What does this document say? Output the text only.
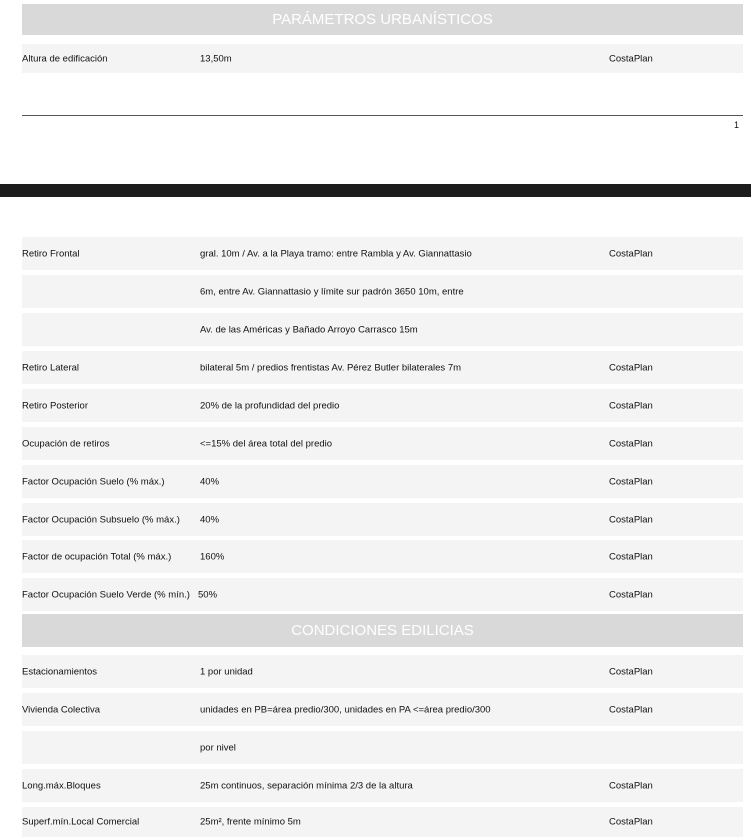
PARÁMETROS URBANÍSTICOS
Altura de edificación	13,50m	CostaPlan
1
Retiro Frontal	gral. 10m / Av. a la Playa tramo: entre Rambla y Av. Giannattasio	CostaPlan
6m, entre Av. Giannattasio y límite sur padrón 3650 10m, entre
Av. de las Américas y Bañado Arroyo Carrasco 15m
Retiro Lateral	bilateral 5m / predios frentistas Av. Pérez Butler bilaterales 7m	CostaPlan
Retiro Posterior	20% de la profundidad del predio	CostaPlan
Ocupación de retiros	<=15% del área total del predio	CostaPlan
Factor Ocupación Suelo (% máx.)	40%	CostaPlan
Factor Ocupación Subsuelo (% máx.) 40%	CostaPlan
Factor de ocupación Total (% máx.)	160%	CostaPlan
Factor Ocupación Suelo Verde (% mín.) 50%	CostaPlan
CONDICIONES EDILICIAS
Estacionamientos	1 por unidad	CostaPlan
Vivienda Colectiva	unidades en PB=área predio/300, unidades en PA <=área predio/300	CostaPlan
por nivel
Long.máx.Bloques	25m continuos, separación mínima 2/3 de la altura	CostaPlan
Superf.mín.Local Comercial	25m², frente mínimo 5m	CostaPlan
